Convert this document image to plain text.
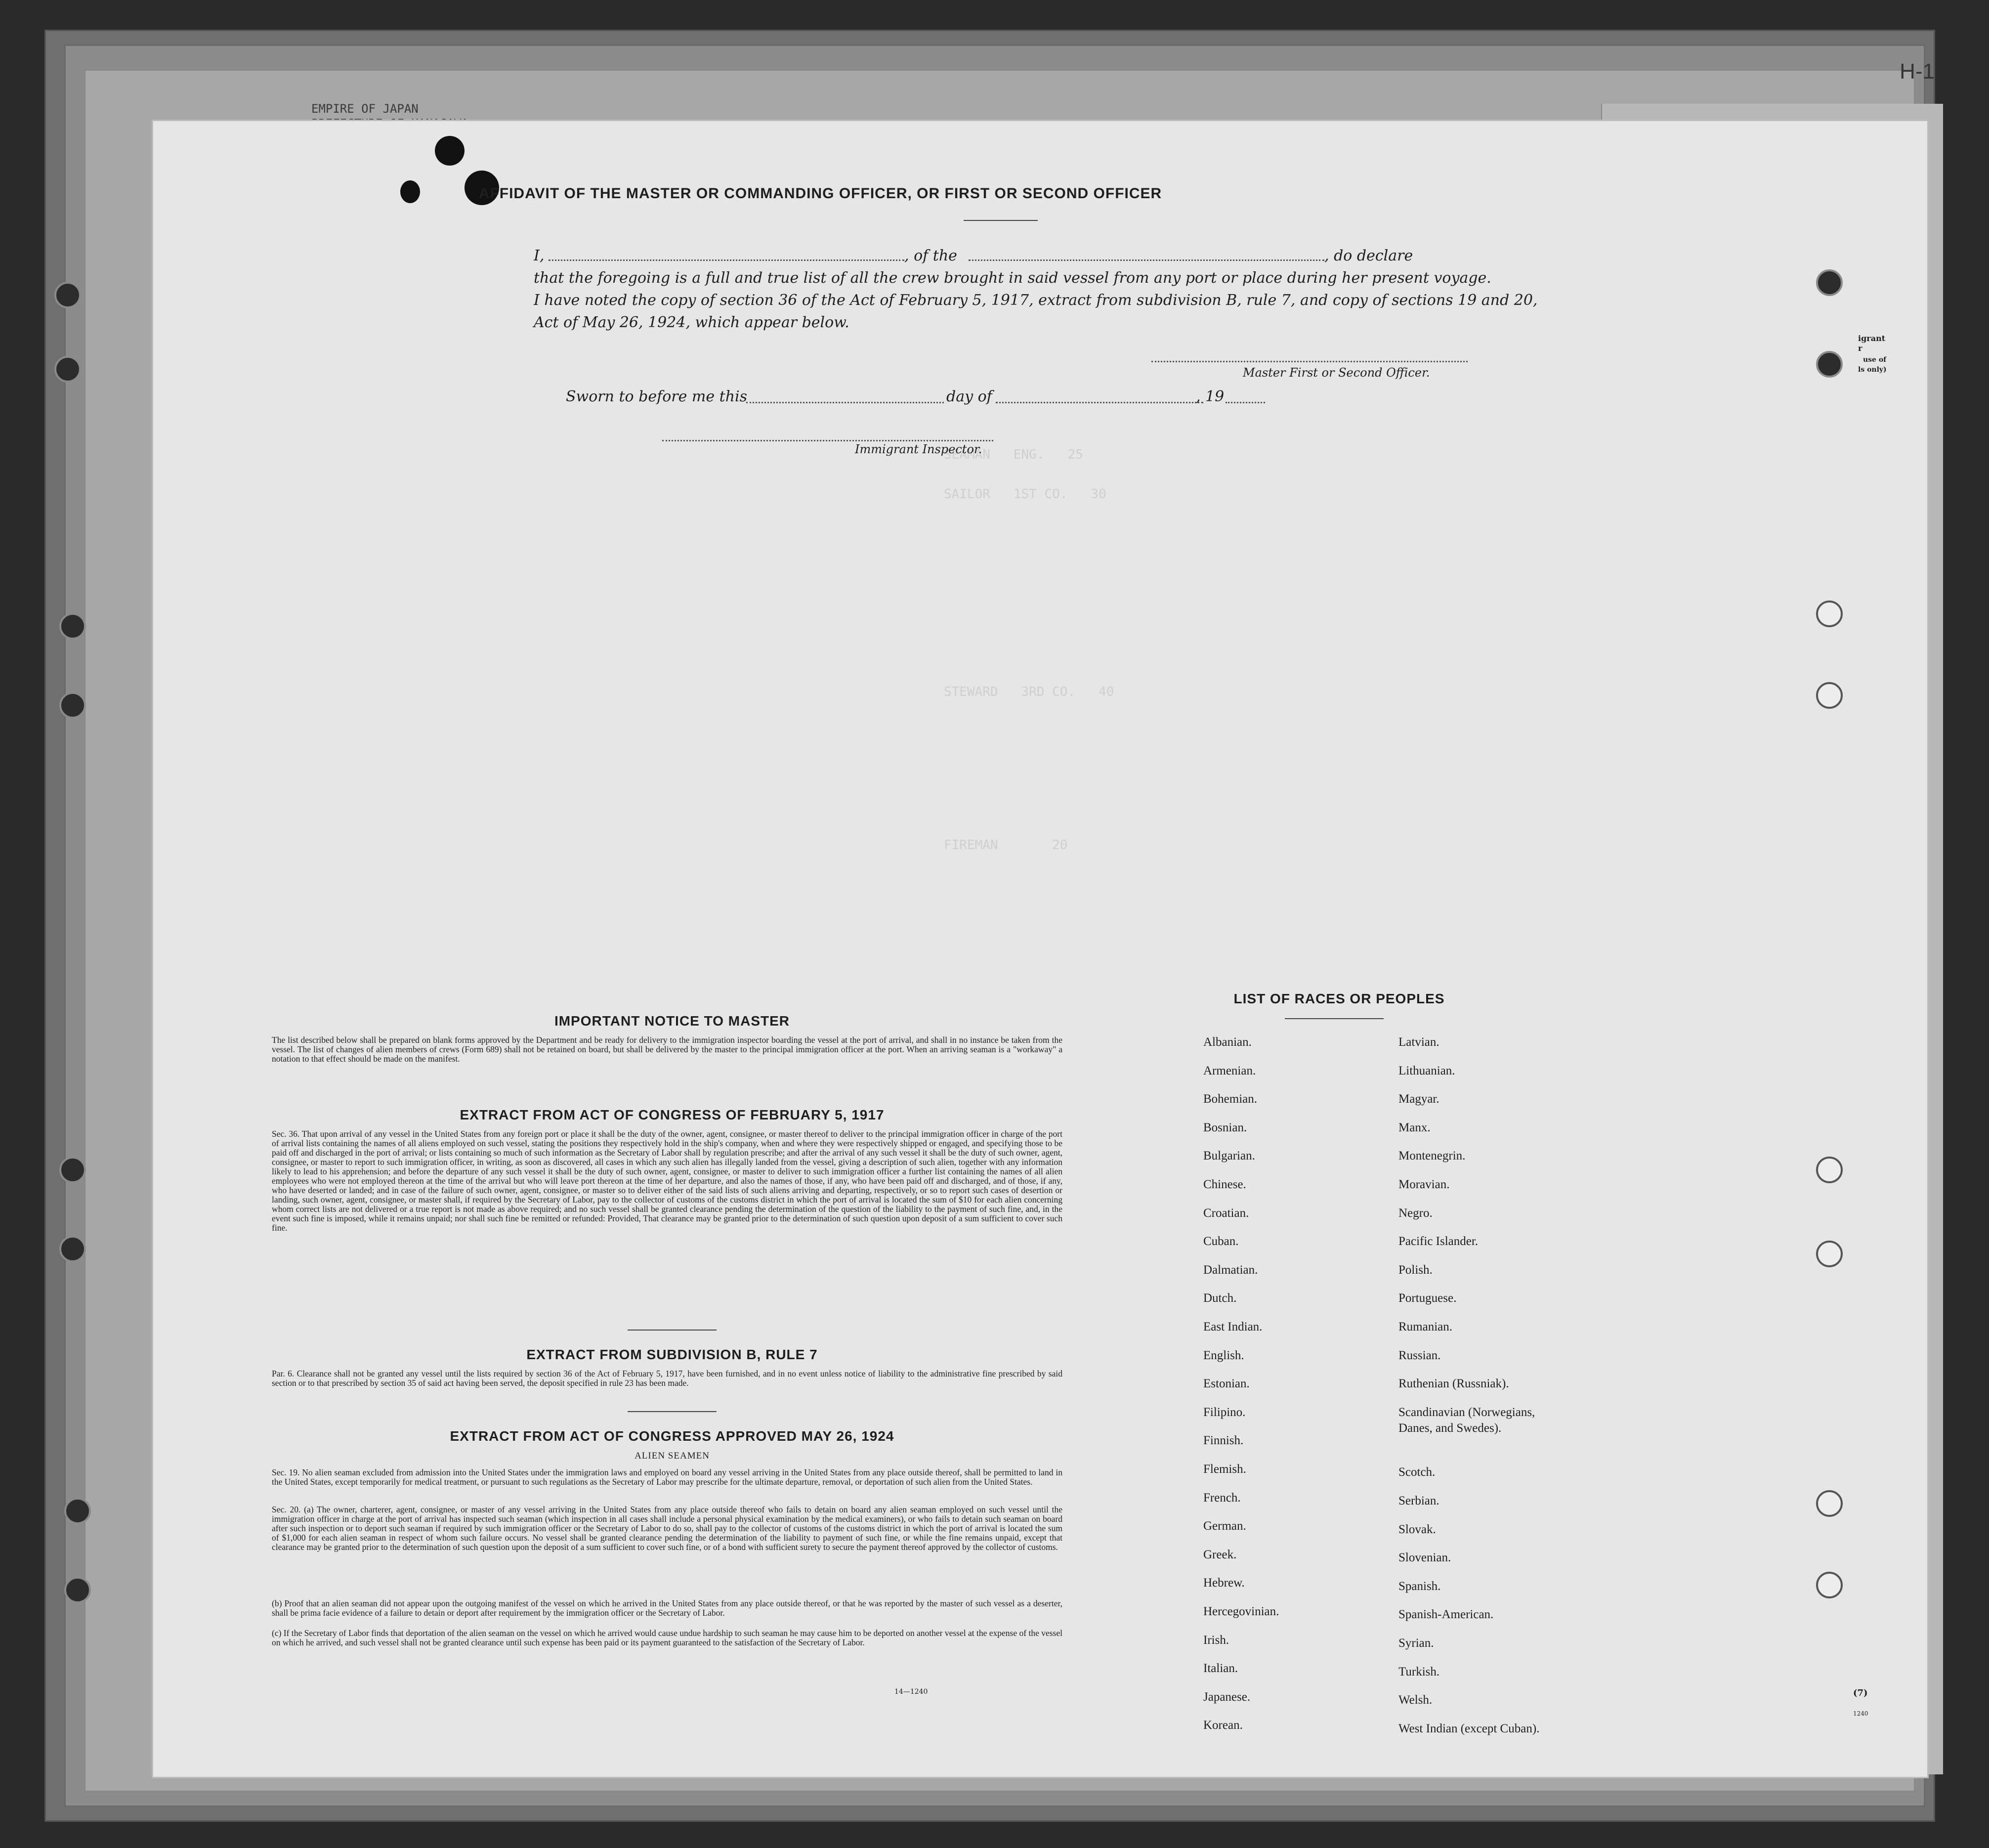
EMPIRE OF JAPAN
H-1
SEAMAN   ENG.   25
SAILOR   1ST CO.   30
STEWARD   3RD CO.   40
FIREMAN       20
AFFIDAVIT OF THE MASTER OR COMMANDING OFFICER, OR FIRST OR SECOND OFFICER
I,	, of the	, do declare
that the foregoing is a full and true list of all the crew brought in said vessel from any port or place during her present voyage.
I have noted the copy of section 36 of the Act of February 5, 1917, extract from subdivision B, rule 7, and copy of sections 19 and 20,
Act of May 26, 1924, which appear below.
Master First or Second Officer.
Sworn to before me this	day of	, 19
Immigrant Inspector.
IMPORTANT NOTICE TO MASTER
The list described below shall be prepared on blank forms approved by the Department and be ready for delivery to the immigration inspector boarding the vessel at the port of arrival, and shall in no instance be taken from the vessel. The list of changes of alien members of crews (Form 689) shall not be retained on board, but shall be delivered by the master to the principal immigration officer at the port. When an arriving seaman is a "workaway" a notation to that effect should be made on the manifest.
EXTRACT FROM ACT OF CONGRESS OF FEBRUARY 5, 1917
Sec. 36. That upon arrival of any vessel in the United States from any foreign port or place it shall be the duty of the owner, agent, consignee, or master thereof to deliver to the principal immigration officer in charge of the port of arrival lists containing the names of all aliens employed on such vessel, stating the positions they respectively hold in the ship's company, when and where they were respectively shipped or engaged, and specifying those to be paid off and discharged in the port of arrival; or lists containing so much of such information as the Secretary of Labor shall by regulation prescribe; and after the arrival of any such vessel it shall be the duty of such owner, agent, consignee, or master to report to such immigration officer, in writing, as soon as discovered, all cases in which any such alien has illegally landed from the vessel, giving a description of such alien, together with any information likely to lead to his apprehension; and before the departure of any such vessel it shall be the duty of such owner, agent, consignee, or master to deliver to such immigration officer a further list containing the names of all alien employees who were not employed thereon at the time of the arrival but who will leave port thereon at the time of her departure, and also the names of those, if any, who have been paid off and discharged, and of those, if any, who have deserted or landed; and in case of the failure of such owner, agent, consignee, or master so to deliver either of the said lists of such aliens arriving and departing, respectively, or so to report such cases of desertion or landing, such owner, agent, consignee, or master shall, if required by the Secretary of Labor, pay to the collector of customs of the customs district in which the port of arrival is located the sum of $10 for each alien concerning whom correct lists are not delivered or a true report is not made as above required; and no such vessel shall be granted clearance pending the determination of the question of the liability to the payment of such fine, and, in the event such fine is imposed, while it remains unpaid; nor shall such fine be remitted or refunded: Provided, That clearance may be granted prior to the determination of such question upon deposit of a sum sufficient to cover such fine.
EXTRACT FROM SUBDIVISION B, RULE 7
Par. 6. Clearance shall not be granted any vessel until the lists required by section 36 of the Act of February 5, 1917, have been furnished, and in no event unless notice of liability to the administrative fine prescribed by said section or to that prescribed by section 35 of said act having been served, the deposit specified in rule 23 has been made.
EXTRACT FROM ACT OF CONGRESS APPROVED MAY 26, 1924
ALIEN SEAMEN
Sec. 19. No alien seaman excluded from admission into the United States under the immigration laws and employed on board any vessel arriving in the United States from any place outside thereof, shall be permitted to land in the United States, except temporarily for medical treatment, or pursuant to such regulations as the Secretary of Labor may prescribe for the ultimate departure, removal, or deportation of such alien from the United States.
Sec. 20. (a) The owner, charterer, agent, consignee, or master of any vessel arriving in the United States from any place outside thereof who fails to detain on board any alien seaman employed on such vessel until the immigration officer in charge at the port of arrival has inspected such seaman (which inspection in all cases shall include a personal physical examination by the medical examiners), or who fails to detain such seaman on board after such inspection or to deport such seaman if required by such immigration officer or the Secretary of Labor to do so, shall pay to the collector of customs of the customs district in which the port of arrival is located the sum of $1,000 for each alien seaman in respect of whom such failure occurs. No vessel shall be granted clearance pending the determination of the liability to payment of such fine, or while the fine remains unpaid, except that clearance may be granted prior to the determination of such question upon the deposit of a sum sufficient to cover such fine, or of a bond with sufficient surety to secure the payment thereof approved by the collector of customs.
(b) Proof that an alien seaman did not appear upon the outgoing manifest of the vessel on which he arrived in the United States from any place outside thereof, or that he was reported by the master of such vessel as a deserter, shall be prima facie evidence of a failure to detain or deport after requirement by the immigration officer or the Secretary of Labor.
(c) If the Secretary of Labor finds that deportation of the alien seaman on the vessel on which he arrived would cause undue hardship to such seaman he may cause him to be deported on another vessel at the expense of the vessel on which he arrived, and such vessel shall not be granted clearance until such expense has been paid or its payment guaranteed to the satisfaction of the Secretary of Labor.
14—1240
LIST OF RACES OR PEOPLES
Albanian.
Armenian.
Bohemian.
Bosnian.
Bulgarian.
Chinese.
Croatian.
Cuban.
Dalmatian.
Dutch.
East Indian.
English.
Estonian.
Filipino.
Finnish.
Flemish.
French.
German.
Greek.
Hebrew.
Hercegovinian.
Irish.
Italian.
Japanese.
Korean.
Latvian.
Lithuanian.
Magyar.
Manx.
Montenegrin.
Moravian.
Negro.
Pacific Islander.
Polish.
Portuguese.
Rumanian.
Russian.
Ruthenian (Russniak).
Scandinavian (Norwegians,
Danes, and Swedes).
Scotch.
Serbian.
Slovak.
Slovenian.
Spanish.
Spanish-American.
Syrian.
Turkish.
Welsh.
West Indian (except Cuban).
igrant
r
use of
ls only)
(7)
1240
